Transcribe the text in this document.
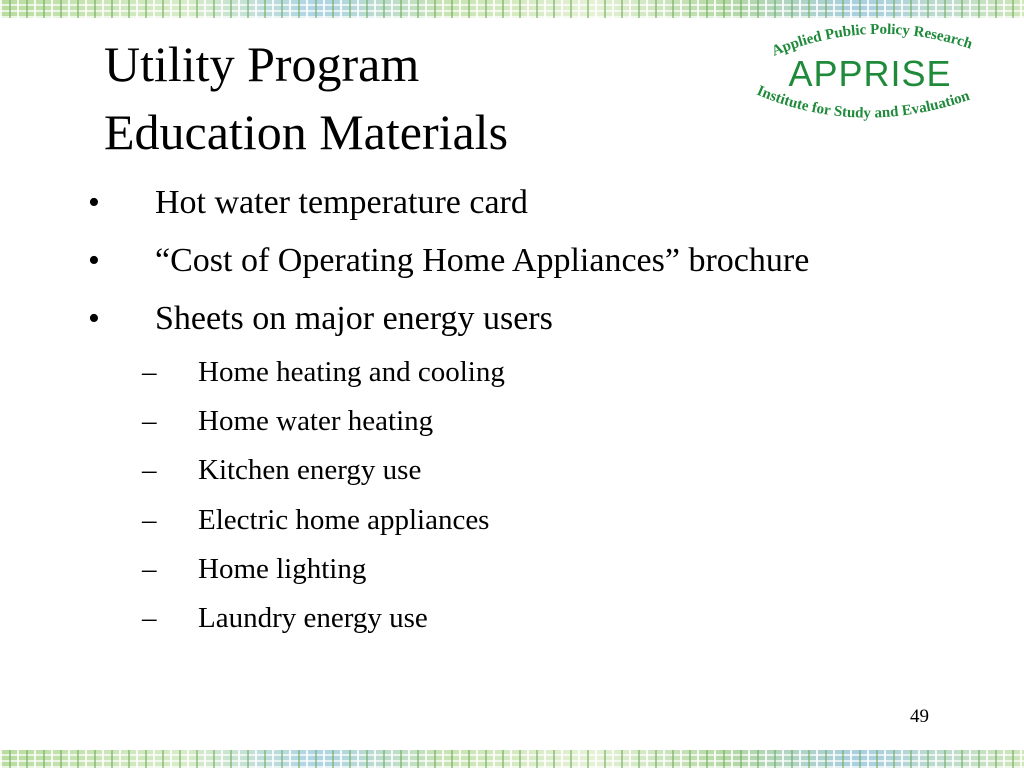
Utility Program
Education Materials
Applied Public Policy Research
APPRISE
Institute for Study and Evaluation
• Hot water temperature card
• “Cost of Operating Home Appliances” brochure
• Sheets on major energy users
– Home heating and cooling
– Home water heating
– Kitchen energy use
– Electric home appliances
– Home lighting
– Laundry energy use
49
